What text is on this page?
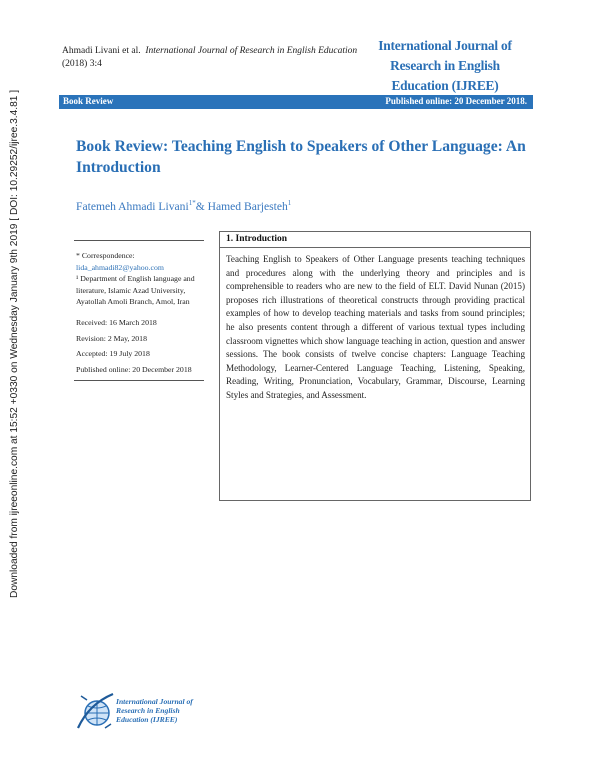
Downloaded from ijreeonline.com at 15:52 +0330 on Wednesday January 9th 2019 [ DOI: 10.29252/ijree.3.4.81 ]
Ahmadi Livani et al. International Journal of Research in English Education
(2018) 3:4
International Journal of
Research in English
Education (IJREE)
Book Review	Published online: 20 December 2018.
Book Review: Teaching English to Speakers of Other Language: An Introduction
Fatemeh Ahmadi Livani$^{1*}$& Hamed Barjesteh$^1$
* Correspondence:
lida_ahmadi82@yahoo.com
¹ Department of English language and literature, Islamic Azad University, Ayatollah Amoli Branch, Amol, Iran
Received: 16 March 2018
Revision: 2 May, 2018
Accepted: 19 July 2018
Published online: 20 December 2018
1. Introduction
Teaching English to Speakers of Other Language presents teaching techniques and procedures along with the underlying theory and principles and is comprehensible to readers who are new to the field of ELT. David Nunan (2015) proposes rich illustrations of theoretical constructs through providing practical examples of how to develop teaching materials and tasks from sound principles; he also presents content through a different of various textual types including classroom vignettes which show language teaching in action, question and answer sessions. The book consists of twelve concise chapters: Language Teaching Methodology, Learner-Centered Language Teaching, Listening, Speaking, Reading, Writing, Pronunciation, Vocabulary, Grammar, Discourse, Learning Styles and Strategies, and Assessment.
International Journal of
Research in English
Education (IJREE)
